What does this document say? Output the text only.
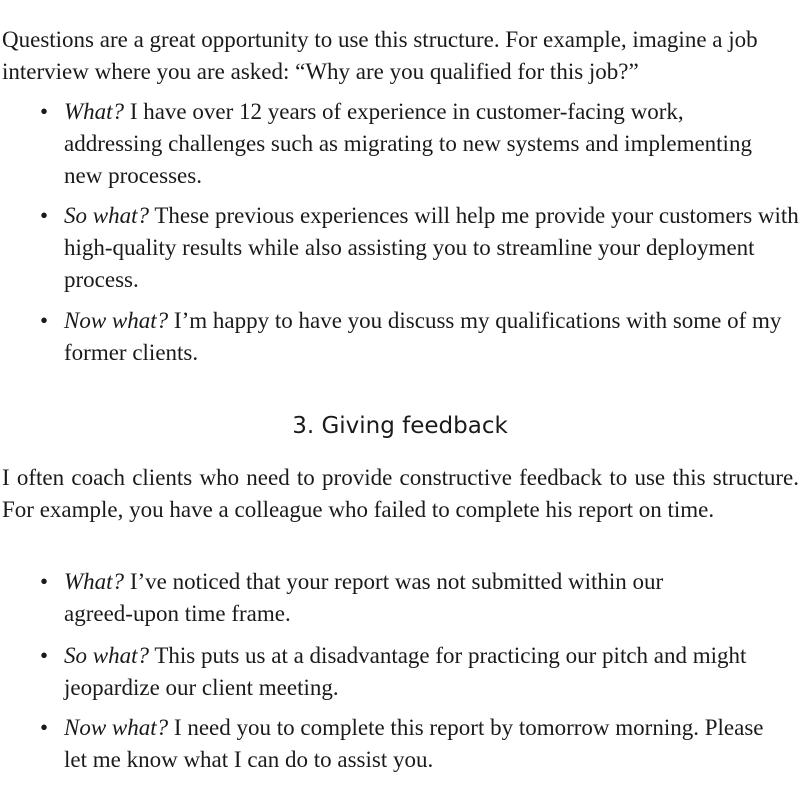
Questions are a great opportunity to use this structure. For example, imagine a job interview where you are asked: “Why are you qualified for this job?”

• What? I have over 12 years of experience in customer-facing work, addressing challenges such as migrating to new systems and implementing new processes.
• So what? These previous experiences will help me provide your customers with high-quality results while also assisting you to streamline your deployment process.
• Now what? I’m happy to have you discuss my qualifications with some of my former clients.
3. Giving feedback

I often coach clients who need to provide constructive feedback to use this structure. For example, you have a colleague who failed to complete his report on time.

• What? I’ve noticed that your report was not submitted within our agreed-upon time frame.
• So what? This puts us at a disadvantage for practicing our pitch and might jeopardize our client meeting.
• Now what? I need you to complete this report by tomorrow morning. Please let me know what I can do to assist you.
